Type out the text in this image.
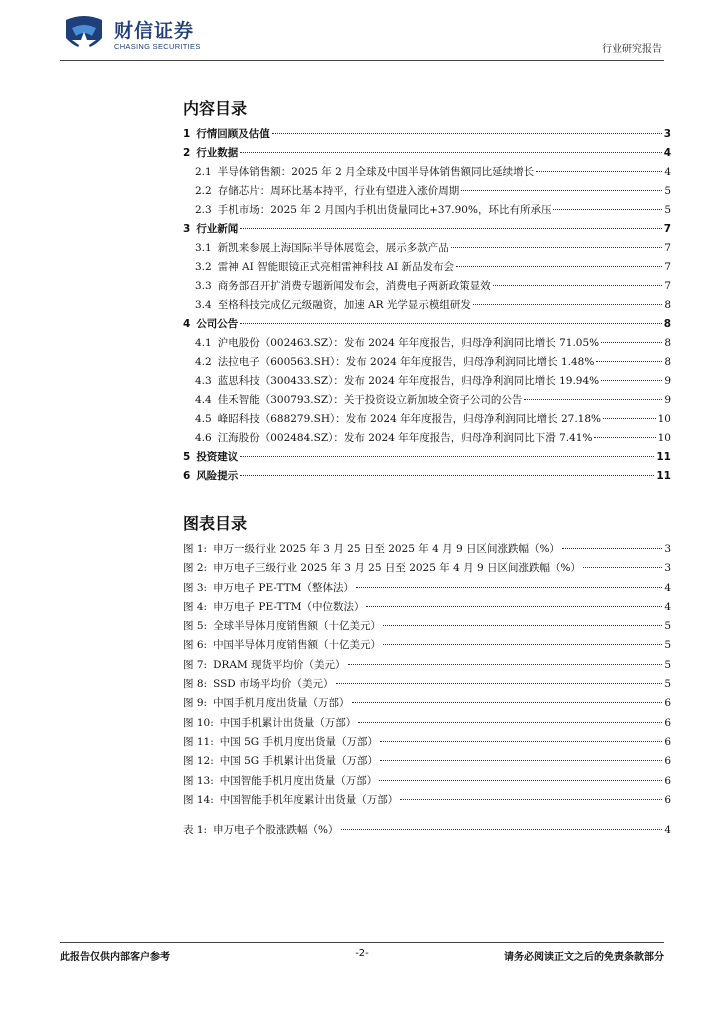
财信证券
CHASING SECURITIES	行业研究报告
内容目录
1 行情回顾及估值	3
2 行业数据	4
2.1 半导体销售额：2025 年 2 月全球及中国半导体销售额同比延续增长	4
2.2 存储芯片：周环比基本持平，行业有望进入涨价周期	5
2.3 手机市场：2025 年 2 月国内手机出货量同比+37.90%，环比有所承压	5
3 行业新闻	7
3.1 新凯来参展上海国际半导体展览会，展示多款产品	7
3.2 雷神 AI 智能眼镜正式亮相雷神科技 AI 新品发布会	7
3.3 商务部召开扩消费专题新闻发布会，消费电子两新政策显效	7
3.4 至格科技完成亿元级融资，加速 AR 光学显示模组研发	8
4 公司公告	8
4.1 沪电股份（002463.SZ）：发布 2024 年年度报告，归母净利润同比增长 71.05%	8
4.2 法拉电子（600563.SH）：发布 2024 年年度报告，归母净利润同比增长 1.48%	8
4.3 蓝思科技（300433.SZ）：发布 2024 年年度报告，归母净利润同比增长 19.94%	9
4.4 佳禾智能（300793.SZ）：关于投资设立新加坡全资子公司的公告	9
4.5 峰昭科技（688279.SH）：发布 2024 年年度报告，归母净利润同比增长 27.18%	10
4.6 江海股份（002484.SZ）：发布 2024 年年度报告，归母净利润同比下滑 7.41%	10
5 投资建议	11
6 风险提示	11
图表目录
图 1: 申万一级行业 2025 年 3 月 25 日至 2025 年 4 月 9 日区间涨跌幅（%）	3
图 2: 申万电子三级行业 2025 年 3 月 25 日至 2025 年 4 月 9 日区间涨跌幅（%）	3
图 3: 申万电子 PE-TTM（整体法）	4
图 4: 申万电子 PE-TTM（中位数法）	4
图 5: 全球半导体月度销售额（十亿美元）	5
图 6: 中国半导体月度销售额（十亿美元）	5
图 7: DRAM 现货平均价（美元）	5
图 8: SSD 市场平均价（美元）	5
图 9: 中国手机月度出货量（万部）	6
图 10: 中国手机累计出货量（万部）	6
图 11: 中国 5G 手机月度出货量（万部）	6
图 12: 中国 5G 手机累计出货量（万部）	6
图 13: 中国智能手机月度出货量（万部）	6
图 14: 中国智能手机年度累计出货量（万部）	6
表 1: 申万电子个股涨跌幅（%）	4
此报告仅供内部客户参考	-2-	请务必阅读正文之后的免责条款部分
